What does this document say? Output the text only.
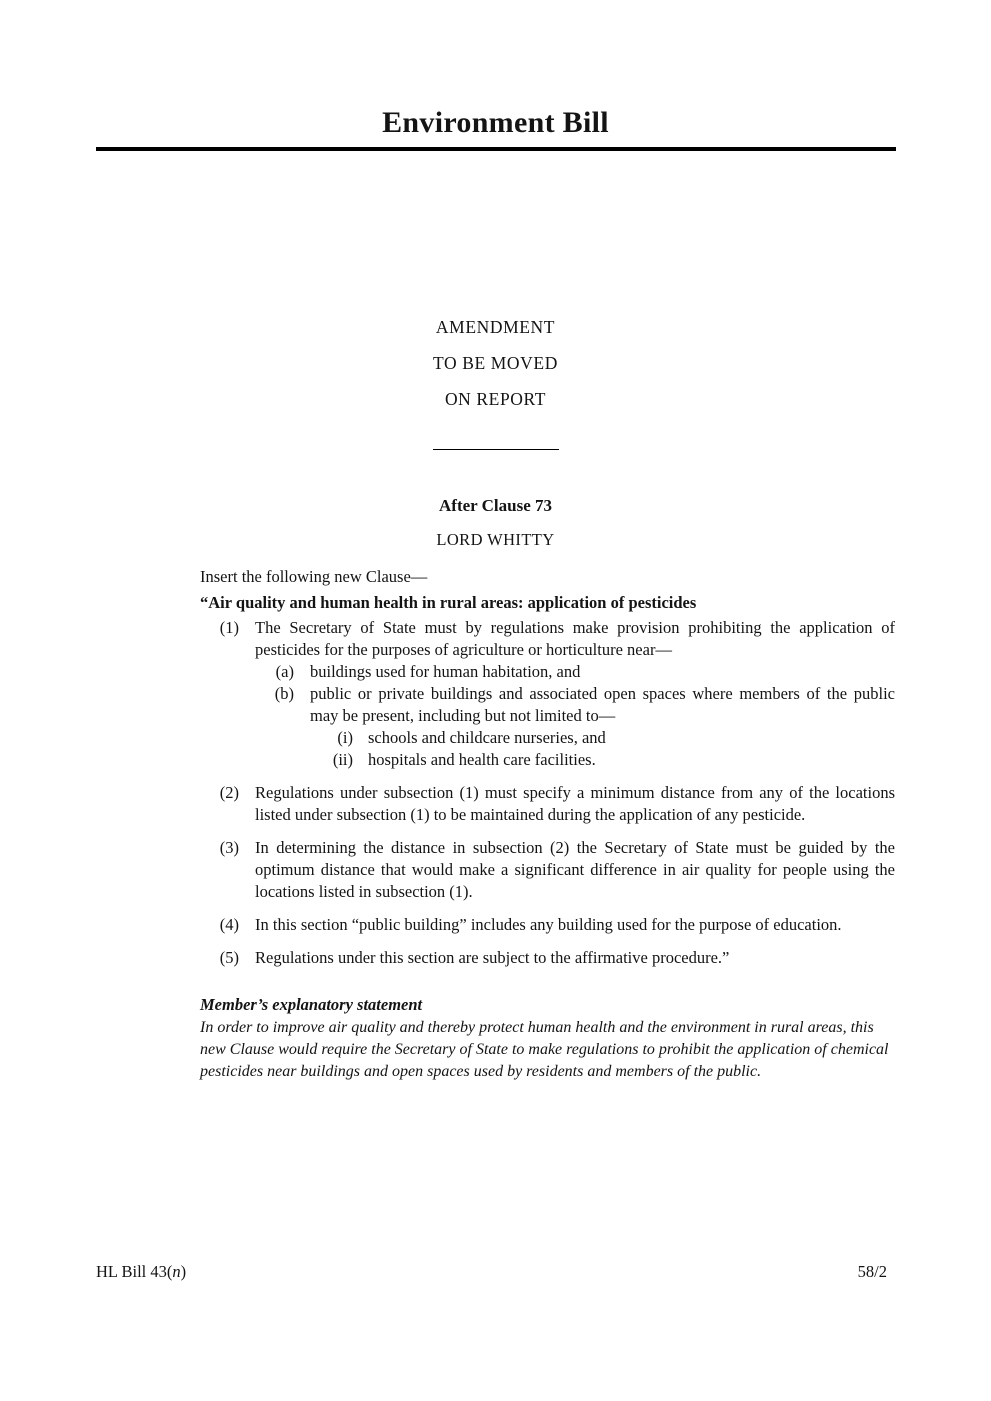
Environment Bill
AMENDMENT
TO BE MOVED
ON REPORT
After Clause 73
LORD WHITTY
Insert the following new Clause—
“Air quality and human health in rural areas: application of pesticides
(1) The Secretary of State must by regulations make provision prohibiting the application of pesticides for the purposes of agriculture or horticulture near—
(a) buildings used for human habitation, and
(b) public or private buildings and associated open spaces where members of the public may be present, including but not limited to—
(i) schools and childcare nurseries, and
(ii) hospitals and health care facilities.
(2) Regulations under subsection (1) must specify a minimum distance from any of the locations listed under subsection (1) to be maintained during the application of any pesticide.
(3) In determining the distance in subsection (2) the Secretary of State must be guided by the optimum distance that would make a significant difference in air quality for people using the locations listed in subsection (1).
(4) In this section “public building” includes any building used for the purpose of education.
(5) Regulations under this section are subject to the affirmative procedure.”
Member’s explanatory statement
In order to improve air quality and thereby protect human health and the environment in rural areas, this new Clause would require the Secretary of State to make regulations to prohibit the application of chemical pesticides near buildings and open spaces used by residents and members of the public.
HL Bill 43(n)	58/2
